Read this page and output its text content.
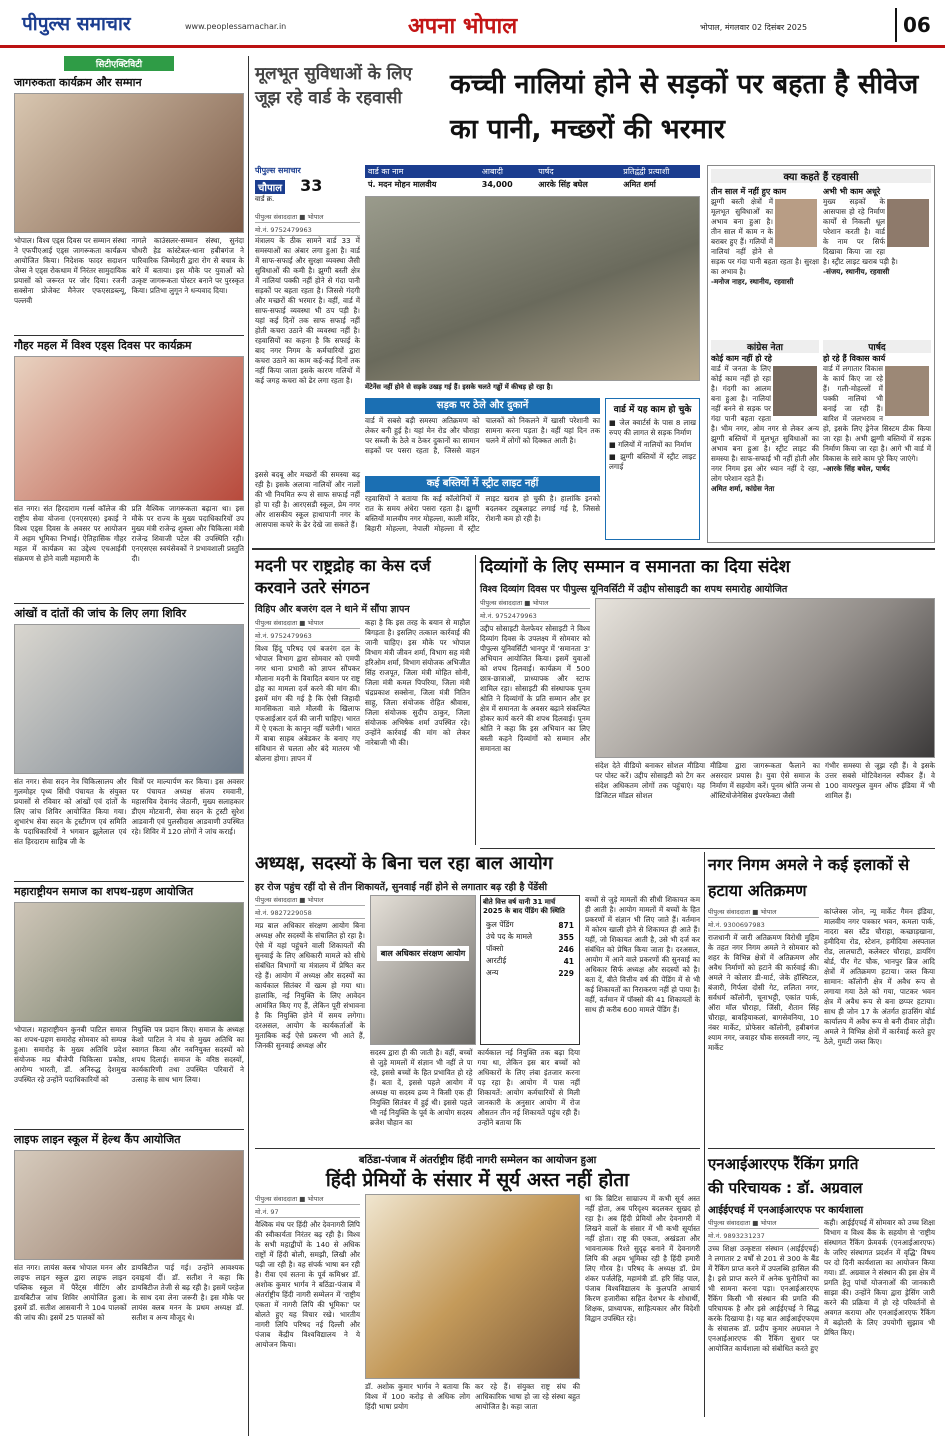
पीपुल्स समाचार	www.peoplessamachar.in	अपना भोपाल	भोपाल, मंगलवार 02 दिसंबर 2025	06
सिटीएक्टिविटी
जागरुकता कार्यक्रम और सम्मान
भोपाल। विश्व एड्स दिवस पर सम्मान संस्था ने एफपीएआई एड्स जागरूकता कार्यक्रम आयोजित किया। निदेशक फादर सदाशन जेम्स ने एड्स रोकथाम में निरंतर सामुदायिक प्रयासों को जरूरत पर जोर दिया। रजनी सक्सेना प्रोजेक्ट मैनेजर एफएसडब्ल्यू, पल्लवी
नागले काउंसलर-सम्मान संस्था, सुनंदा चौधरी हेड कांस्टेबल-थाना हबीबगंज ने पारिवारिक जिम्मेदारी द्वारा रोग से बचाव के बारे में बताया। इस मौके पर युवाओं को उत्कृष्ट जागरूकता पोस्टर बनाने पर पुरस्कृत किया। प्रतिभा लुगून ने धन्यवाद दिया।
गौहर महल में विश्व एड्स दिवस पर कार्यक्रम
संत नगर। संत हिरदाराम गर्ल्स कॉलेज की राष्ट्रीय सेवा योजना (एनएसएस) इकाई ने विश्व एड्स दिवस के अवसर पर आयोजन में अहम भूमिका निभाई। ऐतिहासिक गौहर महल में कार्यक्रम का उद्देश्य एचआईवी संक्रमण से होने वाली महामारी के
प्रति वैश्विक जागरूकता बढ़ाना था। इस मौके पर राज्य के मुख्य पदाधिकारियों उप मुख्य मंत्री राजेन्द्र शुक्ला और चिकित्सा मंत्री राजेन्द्र शिवाजी पटेल की उपस्थिति रही। एनएसएस स्वयंसेवकों ने प्रभावशाली प्रस्तुति दी।
आंखों व दांतों की जांच के लिए लगा शिविर
संत नगर। सेवा सदन नेत्र चिकित्सालय और गुलमोहर पृथ्य सिंधी पंचायत के संयुक्त प्रयासों से रविवार को आंखों एवं दांतों के लिए जांच शिविर आयोजित किया गया। शुभारंभ सेवा सदन के ट्रस्टीगण एवं समिति के पदाधिकारियों ने भगवान झूलेलाल एवं संत हिरदाराम साहिब जी के
चित्रों पर माल्यार्पण कर किया। इस अवसर पर पंचायत अध्यक्ष संजय रमवानी, महासचिव देवानंद जेठानी, मुख्य सलाहकार डीएम मोटवानी, सेवा सदन के ट्रस्टी सुरेश आडवानी एवं पुलसीदास आडवाणी उपस्थित रहे। शिविर में 120 लोगों ने जांच कराई।
महाराष्ट्रीयन समाज का शपथ-ग्रहण आयोजित
भोपाल। महाराष्ट्रीयन कुनबी पाटिल समाज का शपथ-ग्रहण समारोह सोमवार को सम्पन्न हुआ। समारोह के मुख्य अतिथि प्रदेश संयोजक मप्र बीजेपी चिकित्सा प्रकोष्ठ, आरोग्य भारती, डॉ. अनिरुद्ध देशमुख उपस्थित रहे उन्होंने पदाधिकारियों को
नियुक्ति पत्र प्रदान किए। समाज के अध्यक्ष केशो पाटिल ने मंच से मुख्य अतिथि का स्वागत किया और नवनियुक्त सदस्यों को शपथ दिलाई। समाज के वरिष्ठ सदस्यों, कार्यकारिणी तथा उपस्थित परिवारों ने उत्साह के साथ भाग लिया।
लाइफ लाइन स्कूल में हेल्थ कैंप आयोजित
संत नगर। लायंस क्लब भोपाल मनन और लाइफ लाइन स्कूल द्वारा लाइफ लाइन पब्लिक स्कूल में पैरेंट्स मीटिंग और डायबिटीज जांच शिविर आयोजित हुआ। इसमें डॉ. सतीश आसवानी ने 104 पालकों की जांच की। इसमें 25 पालकों को
डायबिटीज पाई गई। उन्होंने आवश्यक दवाइयां दीं। डॉ. सतीश ने कहा कि डायबिटीज तेजी से बढ़ रही है। इसमें परहेज के साथ दवा लेना जरूरी है। इस मौके पर लायंस क्लब मनन के प्रथम अध्यक्ष डॉ. सतीश व अन्य मौजूद थे।
मूलभूत सुविधाओं के लिए जूझ रहे वार्ड के रहवासी	कच्ची नालियां होने से सड़कों पर बहता है सीवेज का पानी, मच्छरों की भरमार
पीपुल्स समाचार
चौपाल 33
वार्ड क्र.
वार्ड का नाम	आबादी	पार्षद	प्रतिद्वंद्वी प्रत्याशी
पं. मदन मोहन मालवीय	34,000	आरके सिंह बघेल	अमित शर्मा
मेंटेनेंस नहीं होने से सड़के उखड़ गई हैं। इसके चलते गड्ढों में कीचड़ हो रहा है।
पीपुल्स संवाददाता ■ भोपाल
मो.नं. 9752479963
मंत्रालय के ठीक सामने वार्ड 33 में समस्याओं का अंबार लगा हुआ है। वार्ड में साफ-सफाई और सुरक्षा व्यवस्था जैसी सुविधाओं की कमी है। झुग्गी बस्ती क्षेत्र में नालियां पक्की नहीं होने से गंदा पानी सड़कों पर बहता रहता है। जिससे गंदगी और मच्छरों की भरमार है। वहीं, वार्ड में साफ-सफाई व्यवस्था भी ठप पड़ी है। यहां कई दिनों तक साफ सफाई नहीं होती कचरा उठाने की व्यवस्था नहीं है। रहवासियों का कहना है कि सफाई के बाद नगर निगम के कर्मचारियों द्वारा कचरा उठाने का काम कई-कई दिनों तक नहीं किया जाता इसके कारण गलियों में कई जगह कचरा को ढेर लगा रहता है।
इससे बदबू और मच्छरों की समस्या बढ़ रही है। इसके अलावा नालियों और नालों की भी नियमित रूप से साफ सफाई नहीं हो पा रही है। आरएसडी स्कूल, प्रेम नगर और शासकीय स्कूल हाथापानी नगर के आसपास कचरे के ढेर देखे जा सकते हैं।
सड़क पर ठेले और दुकानें
वार्ड में सबसे बड़ी समस्या अतिक्रमण को लेकर बनी हुई है। यहां मेन रोड और चौराहा पर सब्जी के ठेले व ठेकर दुकानों का सामान सड़कों पर पसरा रहता है, जिससे वाहन चालकों को निकलने में खासी परेशानी का सामना करना पड़ता है। वहीं यहां दिन तक चलने में लोगों को दिक्कत आती है।
कई बस्तियों में स्ट्रीट लाइट नहीं
रहवासियों ने बताया कि कई कॉलोनियों में रात के समय अंधेरा पसरा रहता है। झुग्गी बस्तियों मालवीय नगर मोहल्ला, काली मंदिर, बिहारी मोहल्ला, नेपाली मोहल्ला में स्ट्रीट लाइट खराब हो चुकी है। हालांकि इनको बदलकर ट्यूबलाइट लगाई गई है, जिससे रोशनी कम हो रही है।
वार्ड में यह काम हो चुके
■ जेल क्वार्टर्स के पास 8 लाख रुपए की लागत से सड़क निर्माण
■ गलियों में नालियों का निर्माण
■ झुग्गी बस्तियों में स्ट्रीट लाइट लगाई
क्या कहते हैं रहवासी
तीन साल में नहीं हुए काम
झुग्गी बस्ती क्षेत्रों में मूलभूत सुविधाओं का अभाव बना हुआ है। तीन साल में काम न के बराबर हुए हैं। गलियों में नालियां नहीं होने से सड़क पर गंदा पानी बहता रहता है। सुरक्षा का अभाव है।
-मनोज नाहर, स्थानीय, रहवासी
अभी भी काम अधूरे
मुख्य सड़कों के आसपास हो रहे निर्माण कार्यों से निकली धूल परेशान करती है। वार्ड के नाम पर सिर्फ दिखावा किया जा रहा है। स्ट्रीट लाइट खराब पड़ी है।
-संजय, स्थानीय, रहवासी
कांग्रेस नेता
कोई काम नहीं हो रहे
वार्ड में जनता के लिए कोई काम नहीं हो रहा है। गंदगी का आलम बना हुआ है। नालियां नहीं बनने से सड़क पर गंदा पानी बहता रहता है। भीम नगर, ओम नगर से लेकर अन्य झुग्गी बस्तियों में मूलभूत सुविधाओं का अभाव बना हुआ है। स्ट्रीट लाइट की समस्या है। साफ-सफाई भी नहीं होती और नगर निगम इस ओर ध्यान नहीं दे रहा, लोग परेशान रहते हैं।
अमित शर्मा, कांग्रेस नेता
पार्षद
हो रहे हैं विकास कार्य
वार्ड में लगातार विकास के कार्य किए जा रहे हैं। गली-मोहल्लों में पक्की नालियां भी बनाई जा रही हैं। बारिश में जलभराव न हो, इसके लिए ड्रेनेज सिस्टम ठीक किया जा रहा है। अभी झुग्गी बस्तियों में सड़क निर्माण किया जा रहा है। आगे भी वार्ड में विकास के सारे काम पूरे किए जाएंगे।
-आरके सिंह बघेल, पार्षद
मदनी पर राष्ट्रद्रोह का केस दर्ज करवाने उतरे संगठन
विहिप और बजरंग दल ने थाने में सौंपा ज्ञापन
पीपुल्स संवाददाता ■ भोपाल
मो.नं. 9752479963
विश्व हिंदू परिषद एवं बजरंग दल के भोपाल विभाग द्वारा सोमवार को एमपी नगर थाना प्रभारी को ज्ञापन सौंपकर मौलाना मदनी के विवादित बयान पर राष्ट्र द्रोह का मामला दर्ज करने की मांग की। इसमें मांग की गई है कि ऐसी जिहादी मानसिकता वाले मौलवी के खिलाफ एफआईआर दर्ज की जानी चाहिए। भारत में ऐ एकता के कानून नहीं चलेगी। भारत में बाबा साहब अंबेडकर के बनाए गए संविधान से चलता और बंदे मातरम भी बोलना होगा। ज्ञापन में
कहा है कि इस तरह के बयान से माहौल बिगड़ता है। इसलिए तत्काल कार्रवाई की जानी चाहिए। इस मौके पर भोपाल विभाग मंत्री जीवन शर्मा, विभाग सह मंत्री हरिओम शर्मा, विभाग संयोजक अभिजीत सिंह राजपूत, जिला मंत्री मोहित सोनी, जिला मंत्री कमल पिपरिया, जिला मंत्री चंद्रप्रकाश सक्सेना, जिला मंत्री नितिन साहू, जिला संयोजक रोहित श्रीवास, जिला संयोजक सुदीप ठाकुर, जिला संयोजक अभिषेक शर्मा उपस्थित रहे। उन्होंने कार्रवाई की मांग को लेकर नारेबाजी भी की।
दिव्यांगों के लिए सम्मान व समानता का दिया संदेश
विश्व दिव्यांग दिवस पर पीपुल्स यूनिवर्सिटी में उद्दीप सोसाइटी का शपथ समारोह आयोजित
पीपुल्स संवाददाता ■ भोपाल
मो.नं. 9752479963
उद्दीप सोसाइटी वेलफेयर सोसाइटी ने विश्व दिव्यांग दिवस के उपलक्ष्य में सोमवार को पीपुल्स यूनिवर्सिटी भानपुर में 'समानता 3' अभियान आयोजित किया। इसमें युवाओं को शपथ दिलवाई। कार्यक्रम में 500 छात्र-छात्राओं, प्राध्यापक और स्टाफ शामिल रहा। सोसाइटी की संस्थापक पूनम श्रोति ने दिव्यांगों के प्रति सम्मान और हर क्षेत्र में समानता के अवसर बढ़ाने संकल्पित होकर कार्य करने की शपथ दिलवाई। पूनम श्रोति ने कहा कि इस अभियान का लिए बस्ती कहने दिव्यांगों को सम्मान और समानता का
संदेश देते वीडियो बनाकर सोशल मीडिया पर पोस्ट करें। उद्दीप सोसाइटी को टैग कर संदेश अधिकतम लोगों तक पहुंचाएं। यह डिजिटल मॉडल सोशल
मीडिया द्वारा जागरूकता फैलाने का असरदार प्रयास है। युवा ऐसे समाज के निर्माण में सहयोग करें। पूनम श्रोति जन्म से ऑस्टियोजेनेसिस इंपरफेक्टा जैसी
गंभीर समस्या से जूझ रही हैं। वे इसके उत्तर सबसे मोटिवेशनल स्पीकर हैं। वे 100 वायरफुल वुमन ऑफ इंडिया में भी शामिल हैं।
अध्यक्ष, सदस्यों के बिना चल रहा बाल आयोग
हर रोज पहुंच रहीं दो से तीन शिकायतें, सुनवाई नहीं होने से लगातार बढ़ रही है पेंडेंसी
पीपुल्स संवाददाता ■ भोपाल
मो.नं. 9827229058
मप्र बाल अधिकार संरक्षण आयोग बिना अध्यक्ष और सदस्यों के संचालित हो रहा है। ऐसे में यहां पहुंचने वाली शिकायतों की सुनवाई के लिए अधिकारी मामले को सीधे संबंधित विभागों या मंत्रालय में प्रेषित कर रहे हैं। आयोग में अध्यक्ष और सदस्यों का कार्यकाल सितंबर में खत्म हो गया था। हालांकि, नई नियुक्ति के लिए आवेदन आमंत्रित किए गए हैं, लेकिन पूरी संभावना है कि नियुक्ति होने में समय लगेगा। दरअसल, आयोग के कार्यकर्ताओं के मुताबिक कई ऐसे प्रकरण भी आते हैं, जिनकी सुनवाई अध्यक्ष और
बाल अधिकार संरक्षण आयोग
बीते वित्त वर्ष यानी 31 मार्च 2025 के बाद पेंडिंग की स्थिति
कुल पेंडिंग	871
उंचे पद के मामले	355
पॉक्सो	246
आरटीई	41
अन्य	229
सदस्य द्वारा ही की जाती है। वहीं, बच्चों से जुड़े मामलों में संज्ञान भी नहीं ले पा रहे, इससे बच्चों के हित प्रभावित हो रहे हैं। बता दें, इससे पहले आयोग में अध्यक्ष या सदस्य द्रव्य ने किसी एक ही नियुक्ति सितंबर में हुई थी। इससे पहले भी नई नियुक्ति के पूर्व के आयोग सदस्य ब्रजेश चौहान का
कार्यकाल नई नियुक्ति तक बढ़ा दिया गया था, लेकिन इस बार बच्चों को अधिकारों के लिए लंबा इंतजार करना पड़ रहा है। आयोग में पास नहीं शिकायतें: आयोग कर्मचारियों से मिली जानकारी के अनुसार आयोग में रोज औसतन तीन नई शिकायतें पहुंच रही हैं। उन्होंने बताया कि
बच्चों से जुड़े मामलों की सीधी शिकायत कम ही आती है। आयोग मामलों में बच्चों के हित प्रकरणों में संज्ञान भी लिए जाते हैं। वर्तमान में कोरम खाली होने से शिकायत ही आते हैं। यहीं, जो शिकायत आती है, उसे भी दर्ज कर संबंधित को प्रेषित किया जाता है। दरअसल, आयोग में आने वाले प्रकरणों की सुनवाई का अधिकार सिर्फ अध्यक्ष और सदस्यों को है। बता दें, बीते वित्तीय वर्ष की पेंडिंग में से भी कई शिकायतों का निराकरण नहीं हो पाया है। वहीं, वर्तमान में पॉक्सो की 41 शिकायतों के साथ ही करीब 600 मामले पेंडिंग हैं।
नगर निगम अमले ने कई इलाकों से हटाया अतिक्रमण
पीपुल्स संवाददाता ■ भोपाल
मो.नं. 9300697983
राजधानी में जारी अतिक्रमण विरोधी मुहिम के तहत नगर निगम अमले ने सोमवार को शहर के विभिन्न क्षेत्रों में अतिक्रमण और अवैध निर्माणों को हटाने की कार्रवाई की। अमले ने कोलार डी-मार्ट, जेके हॉस्पिटल, बंजारी, गिर्पला दोसी गेट, ललिता नगर, सर्वधर्म कॉलोनी, चूनाभट्टी, एकांत पार्क, ऑरा मॉल चौराहा, जिंसी, शैतान सिंह चौराहा, बावड़ियाकलां, बागसेवनिया, 10 नंबर मार्केट, प्रोफेसर कॉलोनी, हबीबगंज श्याम नगर, जवाहर चौक सरस्वती नगर, न्यू मार्केट
कांप्लेक्स जोन, न्यू मार्केट गैमन इंडिया, मालवीय नगर पत्रकार भवन, कमला पार्क, नादरा बस स्टैंड चौराहा, कच्छाड़खाना, हमीदिया रोड, स्टेशन, हमीदिया अस्पताल रोड, लालघाटी, कलेक्टर चौराहा, डायरिंग बोर्ड, पीर गेट चौक, भानपुर ब्रिज आदि क्षेत्रों में अतिक्रमण हटाया। जब्त किया सामान: कॉलोनी क्षेत्र में अवैध रूप से लगाया गया ठेले को गया, पाटकर भवन क्षेत्र में अवैध रूप से बना छप्पर हटाया। साथ ही जोन 17 के अंतर्गत हाउसिंग बोर्ड कार्यालय में अवैध रूप से बनी दीवार तोड़ी। अमले ने विभिन्न क्षेत्रों में कार्रवाई करते हुए ठेले, गुमटी जब्त किए।
बठिंडा-पंजाब में अंतर्राष्ट्रीय हिंदी नागरी सम्मेलन का आयोजन हुआ
हिंदी प्रेमियों के संसार में सूर्य अस्त नहीं होता
पीपुल्स संवाददाता ■ भोपाल
मो.नं. 97
वैश्विक मंच पर हिंदी और देवनागरी लिपि की स्वीकार्यता निरंतर बढ़ रही है। विश्व के सभी महाद्वीपों के 140 से अधिक राष्ट्रों में हिंदी बोली, समझी, लिखी और पढ़ी जा रही है। वह संपर्क भाषा बन रही है। रीवा एवं सतना के पूर्व कमिश्नर डॉ. अशोक कुमार भार्गव ने बठिंडा-पंजाब में अंतर्राष्ट्रीय हिंदी नागरी सम्मेलन में 'राष्ट्रीय एकता में नागरी लिपि की भूमिका' पर बोलते हुए यह विचार रखे। भारतीय नागरी लिपि परिषद नई दिल्ली और पंजाब केंद्रीय विश्वविद्यालय ने ये आयोजन किया।
डॉ. अशोक कुमार भार्गव ने बताया कि विश्व में 100 करोड़ से अधिक लोग हिंदी भाषा प्रयोग
कर रहे हैं। संयुक्त राष्ट्र संघ की आधिकारिक भाषा हो जा रहे संस्था बहुत आयोजित है। कहा जाता
था कि ब्रिटिश साम्राज्य में कभी सूर्य अस्त नहीं होता, अब परिदृश्य बदलकर सुखद हो रहा है। अब हिंदी प्रेमियों और देवनागरी में लिखने वालों के संसार में भी कभी सूर्यास्त नहीं होता। राष्ट्र की एकता, अखंडता और भावनात्मक रिश्ते सुदृढ़ बनाने में देवनागरी लिपि की अहम भूमिका रही है हिंदी हमारी लिए गौरव है। परिषद के अध्यक्ष डॉ. प्रेम शंकर पर्जलेहि, महामंत्री डॉ. हरि सिंह पाल, पंजाब विश्वविद्यालय के कुलपति आचार्य किरण हजारीका सहित देशभर के शोधार्थी, शिक्षक, प्राध्यापक, साहित्यकार और विदेशी विद्वान उपस्थित रहे।
एनआईआरएफ रैंकिंग प्रगति
की परिचायक : डॉ. अग्रवाल
आईईएचई में एनआईआरएफ पर कार्यशाला
पीपुल्स संवाददाता ■ भोपाल
मो.नं. 9893231237
उच्च शिक्षा उत्कृष्टता संस्थान (आईईएचई) ने लगातार 2 वर्षों से 201 से 300 के बैंड में रैंकिंग प्राप्त करने में उपलब्धि हासिल की है। इसे प्राप्त करने में अनेक चुनौतियों का भी सामना करना पड़ा। एनआईआरएफ रैंकिंग किसी भी संस्थान की प्रगति की परिचायक है और इसे आईईएचई ने सिद्ध करके दिखाया है। यह बात आईआईएफएम के संचालक डॉ. प्रदीप कुमार अग्रवाल ने एनआईआरएफ की रैंकिंग सुधार पर आयोजित कार्यशाला को संबोधित करते हुए
कही। आईईएचई में सोमवार को उच्च शिक्षा विभाग व विश्व बैंक के सहयोग से 'राष्ट्रीय संस्थागत रैंकिंग फ्रेमवर्क (एनआईआरएफ) के जरिए संस्थागत प्रदर्शन में वृद्धि' विषय पर दो दिनी कार्यशाला का आयोजन किया गया। डॉ. अग्रवाल ने संस्थान की इस क्षेत्र में प्रगति हेतु पांचों योजनाओं की जानकारी साझा की। उन्होंने किया द्वारा ड्रेसिंग जारी करने की प्रक्रिया में हो रहे परिवर्तनों से अवगत कराया और एनआईआरएफ रैंकिंग में बढ़ोतरी के लिए उपयोगी सुझाव भी प्रेषित किए।
